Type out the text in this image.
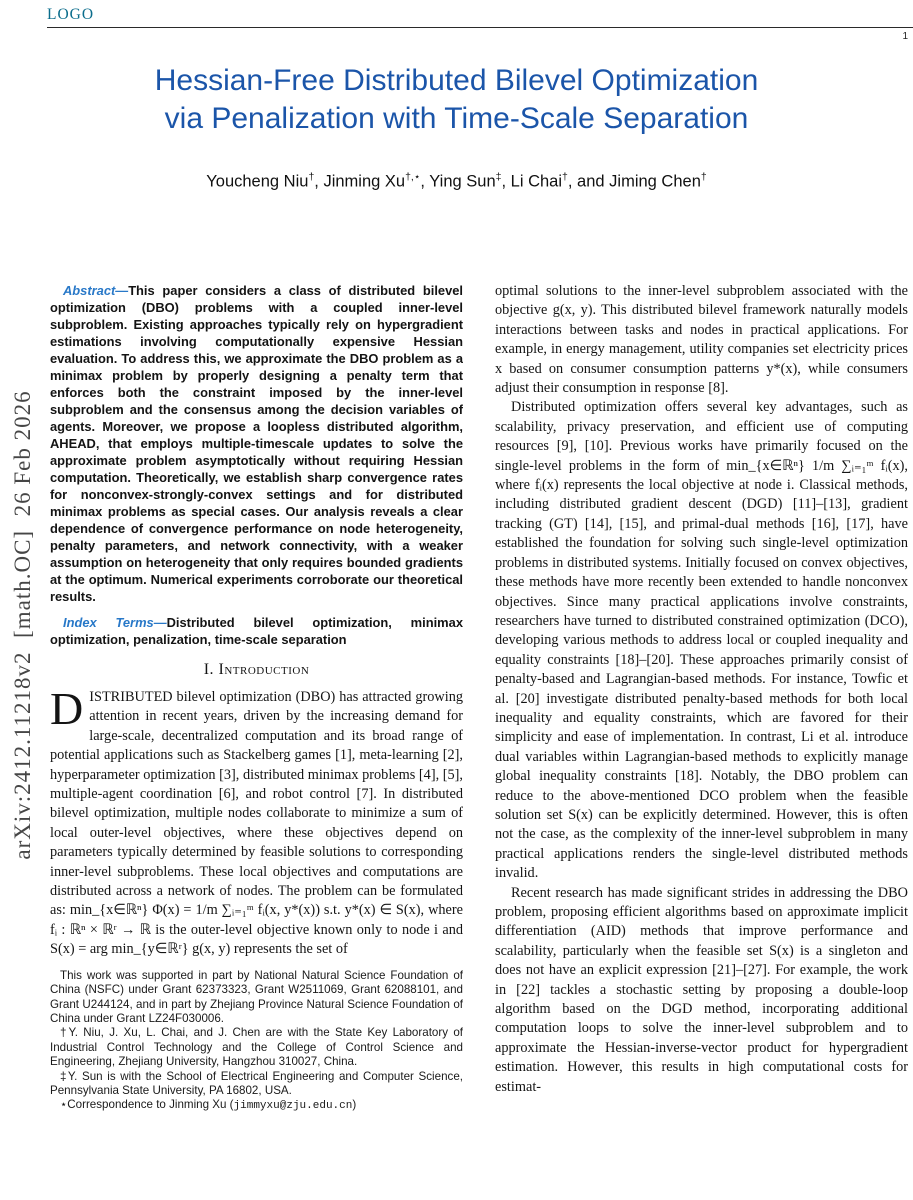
LOGO
1
arXiv:2412.11218v2  [math.OC]  26 Feb 2026
Hessian-Free Distributed Bilevel Optimization
via Penalization with Time-Scale Separation
Youcheng Niu†, Jinming Xu†,⋆, Ying Sun‡, Li Chai†, and Jiming Chen†

Abstract—This paper considers a class of distributed bilevel optimization (DBO) problems with a coupled inner-level subproblem. Existing approaches typically rely on hypergradient estimations involving computationally expensive Hessian evaluation. To address this, we approximate the DBO problem as a minimax problem by properly designing a penalty term that enforces both the constraint imposed by the inner-level subproblem and the consensus among the decision variables of agents. Moreover, we propose a loopless distributed algorithm, AHEAD, that employs multiple-timescale updates to solve the approximate problem asymptotically without requiring Hessian computation. Theoretically, we establish sharp convergence rates for nonconvex-strongly-convex settings and for distributed minimax problems as special cases. Our analysis reveals a clear dependence of convergence performance on node heterogeneity, penalty parameters, and network connectivity, with a weaker assumption on heterogeneity that only requires bounded gradients at the optimum. Numerical experiments corroborate our theoretical results.

Index Terms—Distributed bilevel optimization, minimax optimization, penalization, time-scale separation

I. Introduction

DISTRIBUTED bilevel optimization (DBO) has attracted growing attention in recent years, driven by the increasing demand for large-scale, decentralized computation and its broad range of potential applications such as Stackelberg games [1], meta-learning [2], hyperparameter optimization [3], distributed minimax problems [4], [5], multiple-agent coordination [6], and robot control [7]. In distributed bilevel optimization, multiple nodes collaborate to minimize a sum of local outer-level objectives, where these objectives depend on parameters typically determined by feasible solutions to corresponding inner-level subproblems. These local objectives and computations are distributed across a network of nodes. The problem can be formulated as: min_{x∈ℝⁿ} Φ(x) = 1/m ∑ᵢ₌₁ᵐ fᵢ(x, y*(x)) s.t. y*(x) ∈ S(x), where fᵢ : ℝⁿ × ℝʳ → ℝ is the outer-level objective known only to node i and S(x) = arg min_{y∈ℝʳ} g(x, y) represents the set of

This work was supported in part by National Natural Science Foundation of China (NSFC) under Grant 62373323, Grant W2511069, Grant 62088101, and Grant U244124, and in part by Zhejiang Province Natural Science Foundation of China under Grant LZ24F030006.

†Y. Niu, J. Xu, L. Chai, and J. Chen are with the State Key Laboratory of Industrial Control Technology and the College of Control Science and Engineering, Zhejiang University, Hangzhou 310027, China.

‡Y. Sun is with the School of Electrical Engineering and Computer Science, Pennsylvania State University, PA 16802, USA.

⋆Correspondence to Jinming Xu (jimmyxu@zju.edu.cn)

optimal solutions to the inner-level subproblem associated with the objective g(x, y). This distributed bilevel framework naturally models interactions between tasks and nodes in practical applications. For example, in energy management, utility companies set electricity prices x based on consumer consumption patterns y*(x), while consumers adjust their consumption in response [8].

Distributed optimization offers several key advantages, such as scalability, privacy preservation, and efficient use of computing resources [9], [10]. Previous works have primarily focused on the single-level problems in the form of min_{x∈ℝⁿ} 1/m ∑ᵢ₌₁ᵐ fᵢ(x), where fᵢ(x) represents the local objective at node i. Classical methods, including distributed gradient descent (DGD) [11]–[13], gradient tracking (GT) [14], [15], and primal-dual methods [16], [17], have established the foundation for solving such single-level optimization problems in distributed systems. Initially focused on convex objectives, these methods have more recently been extended to handle nonconvex objectives. Since many practical applications involve constraints, researchers have turned to distributed constrained optimization (DCO), developing various methods to address local or coupled inequality and equality constraints [18]–[20]. These approaches primarily consist of penalty-based and Lagrangian-based methods. For instance, Towfic et al. [20] investigate distributed penalty-based methods for both local inequality and equality constraints, which are favored for their simplicity and ease of implementation. In contrast, Li et al. introduce dual variables within Lagrangian-based methods to explicitly manage global inequality constraints [18]. Notably, the DBO problem can reduce to the above-mentioned DCO problem when the feasible solution set S(x) can be explicitly determined. However, this is often not the case, as the complexity of the inner-level subproblem in many practical applications renders the single-level distributed methods invalid.

Recent research has made significant strides in addressing the DBO problem, proposing efficient algorithms based on approximate implicit differentiation (AID) methods that improve performance and scalability, particularly when the feasible set S(x) is a singleton and does not have an explicit expression [21]–[27]. For example, the work in [22] tackles a stochastic setting by proposing a double-loop algorithm based on the DGD method, incorporating additional computation loops to solve the inner-level subproblem and to approximate the Hessian-inverse-vector product for hypergradient estimation. However, this results in high computational costs for estimat-
